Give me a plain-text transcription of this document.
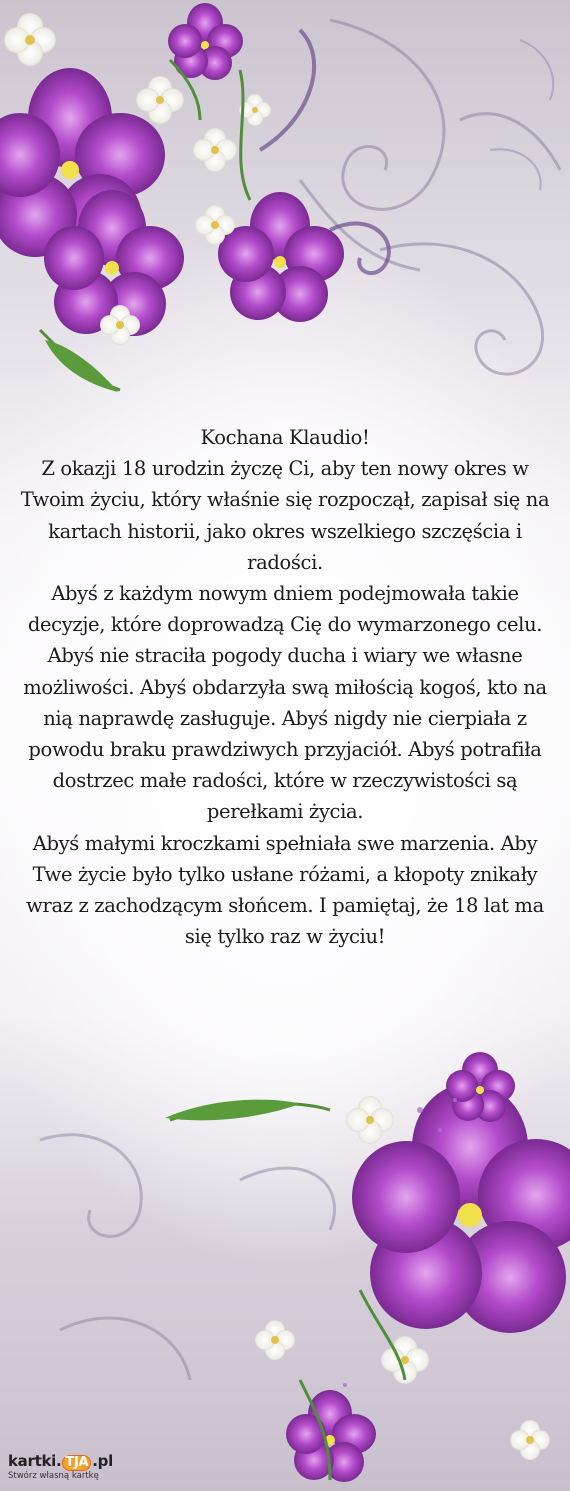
Kochana Klaudio!

Z okazji 18 urodzin życzę Ci, aby ten nowy okres w Twoim życiu, który właśnie się rozpoczął, zapisał się na kartach historii, jako okres wszelkiego szczęścia i radości.

Abyś z każdym nowym dniem podejmowała takie decyzje, które doprowadzą Cię do wymarzonego celu. Abyś nie straciła pogody ducha i wiary we własne możliwości. Abyś obdarzyła swą miłością kogoś, kto na nią naprawdę zasługuje. Abyś nigdy nie cierpiała z powodu braku prawdziwych przyjaciół. Abyś potrafiła dostrzec małe radości, które w rzeczywistości są perełkami życia.

Abyś małymi kroczkami spełniała swe marzenia. Aby Twe życie było tylko usłane różami, a kłopoty znikały wraz z zachodzącym słońcem. I pamiętaj, że 18 lat ma się tylko raz w życiu!

kartki. TJA .pl
Stwórz własną kartkę
